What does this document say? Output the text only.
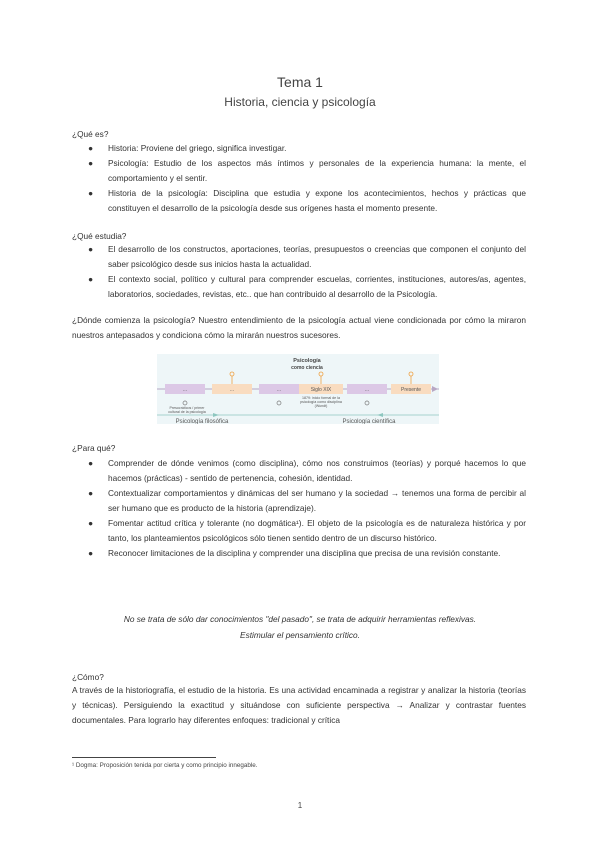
Tema 1
Historia, ciencia y psicología
¿Qué es?
● Historia: Proviene del griego, significa investigar.
● Psicología: Estudio de los aspectos más íntimos y personales de la experiencia humana: la mente, el comportamiento y el sentir.
● Historia de la psicología: Disciplina que estudia y expone los acontecimientos, hechos y prácticas que constituyen el desarrollo de la psicología desde sus orígenes hasta el momento presente.
¿Qué estudia?
● El desarrollo de los constructos, aportaciones, teorías, presupuestos o creencias que componen el conjunto del saber psicológico desde sus inicios hasta la actualidad.
● El contexto social, político y cultural para comprender escuelas, corrientes, instituciones, autores/as, agentes, laboratorios, sociedades, revistas, etc.. que han contribuido al desarrollo de la Psicología.
¿Dónde comienza la psicología? Nuestro entendimiento de la psicología actual viene condicionada por cómo la miraron nuestros antepasados y condiciona cómo la mirarán nuestros sucesores.
Psicología
como ciencia
...	...	...	Siglo XIX	...	Presente
Presocráticos / primer cultural de la psicología
1879: inicio formal de la psicología como disciplina (Wundt)
Psicología filosófica	Psicología científica
¿Para qué?
● Comprender de dónde venimos (como disciplina), cómo nos construimos (teorías) y porqué hacemos lo que hacemos (prácticas) - sentido de pertenencia, cohesión, identidad.
● Contextualizar comportamientos y dinámicas del ser humano y la sociedad → tenemos una forma de percibir al ser humano que es producto de la historia (aprendizaje).
● Fomentar actitud crítica y tolerante (no dogmática¹). El objeto de la psicología es de naturaleza histórica y por tanto, los planteamientos psicológicos sólo tienen sentido dentro de un discurso histórico.
● Reconocer limitaciones de la disciplina y comprender una disciplina que precisa de una revisión constante.
No se trata de sólo dar conocimientos "del pasado", se trata de adquirir herramientas reflexivas.
Estimular el pensamiento crítico.
¿Cómo?
A través de la historiografía, el estudio de la historia. Es una actividad encaminada a registrar y analizar la historia (teorías y técnicas). Persiguiendo la exactitud y situándose con suficiente perspectiva → Analizar y contrastar fuentes documentales. Para lograrlo hay diferentes enfoques: tradicional y crítica
¹ Dogma: Proposición tenida por cierta y como principio innegable.
1
